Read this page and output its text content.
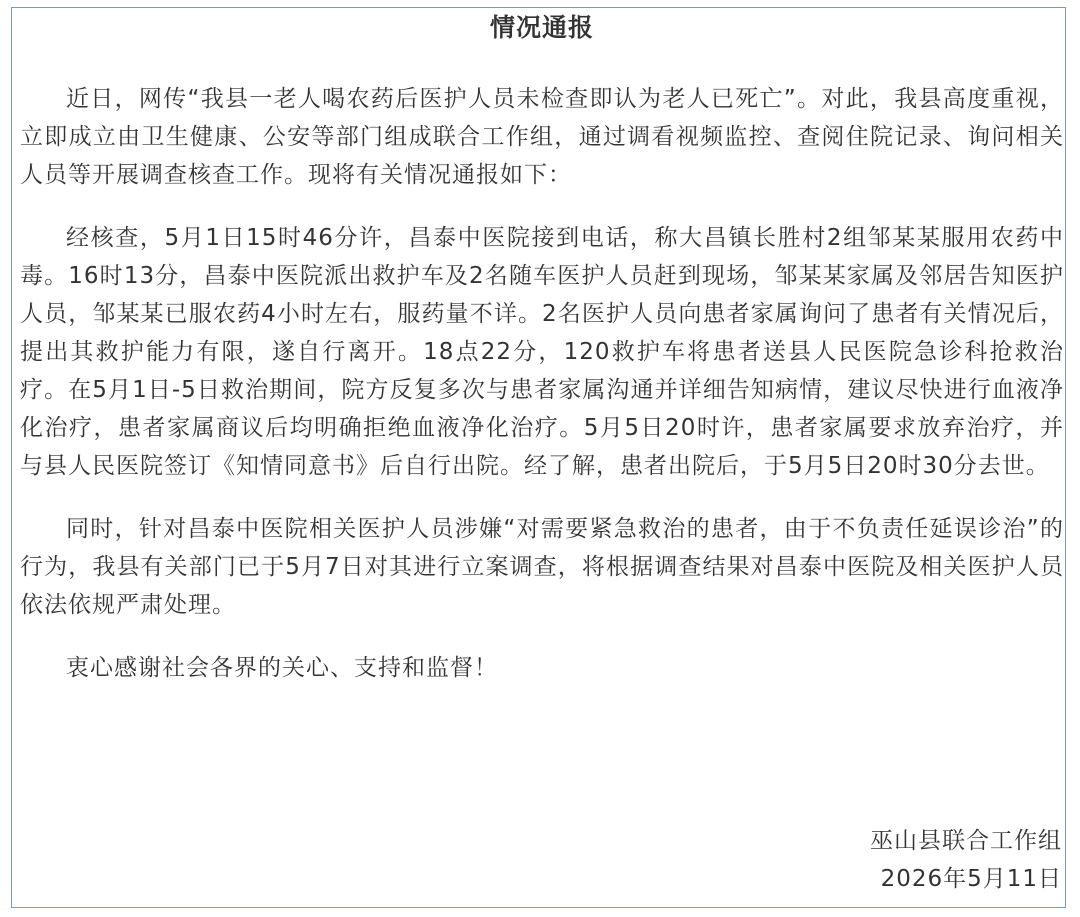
情况通报

近日，网传“我县一老人喝农药后医护人员未检查即认为老人已死亡”。对此，我县高度重视，立即成立由卫生健康、公安等部门组成联合工作组，通过调看视频监控、查阅住院记录、询问相关人员等开展调查核查工作。现将有关情况通报如下：

经核查，5月1日15时46分许，昌泰中医院接到电话，称大昌镇长胜村2组邹某某服用农药中毒。16时13分，昌泰中医院派出救护车及2名随车医护人员赶到现场，邹某某家属及邻居告知医护人员，邹某某已服农药4小时左右，服药量不详。2名医护人员向患者家属询问了患者有关情况后，提出其救护能力有限，遂自行离开。18点22分，120救护车将患者送县人民医院急诊科抢救治疗。在5月1日-5日救治期间，院方反复多次与患者家属沟通并详细告知病情，建议尽快进行血液净化治疗，患者家属商议后均明确拒绝血液净化治疗。5月5日20时许，患者家属要求放弃治疗，并与县人民医院签订《知情同意书》后自行出院。经了解，患者出院后，于5月5日20时30分去世。

同时，针对昌泰中医院相关医护人员涉嫌“对需要紧急救治的患者，由于不负责任延误诊治”的行为，我县有关部门已于5月7日对其进行立案调查，将根据调查结果对昌泰中医院及相关医护人员依法依规严肃处理。

衷心感谢社会各界的关心、支持和监督！

巫山县联合工作组
2026年5月11日
